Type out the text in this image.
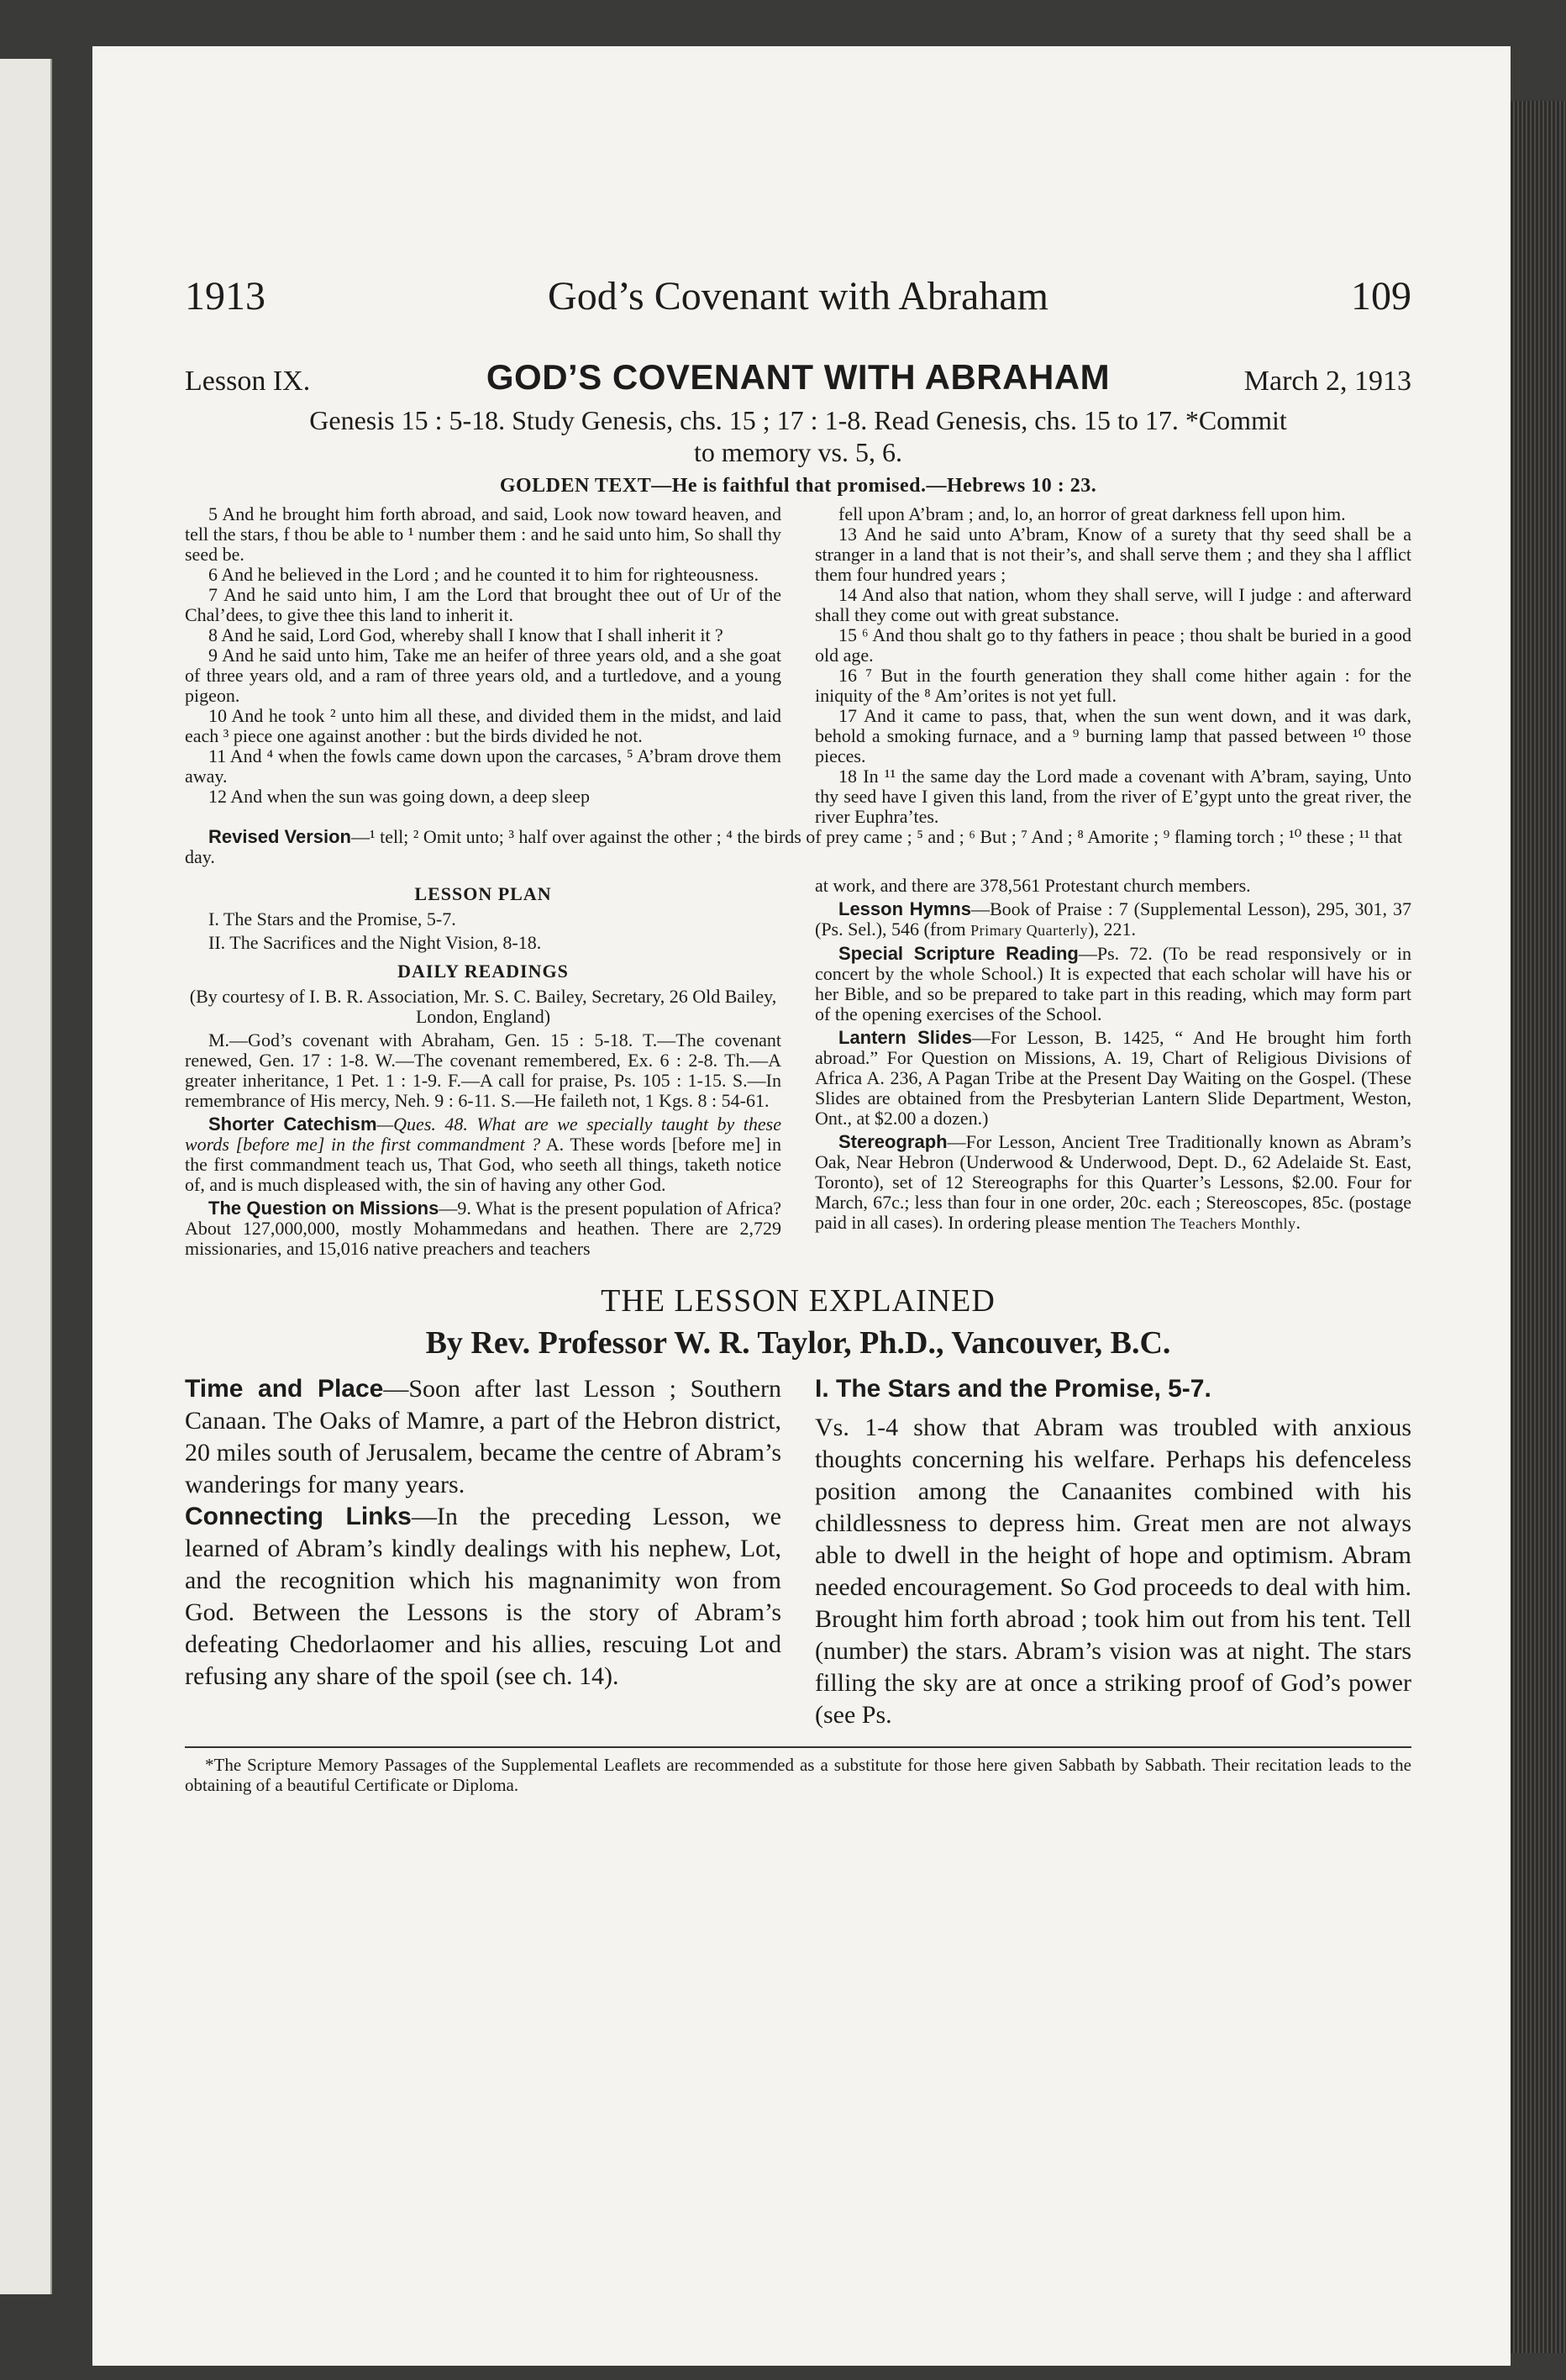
1913	God’s Covenant with Abraham	109
Lesson IX.	GOD’S COVENANT WITH ABRAHAM	March 2, 1913
Genesis 15 : 5-18. Study Genesis, chs. 15 ; 17 : 1-8. Read Genesis, chs. 15 to 17. *Commit
to memory vs. 5, 6.
GOLDEN TEXT—He is faithful that promised.—Hebrews 10 : 23.

5 And he brought him forth abroad, and said, Look now toward heaven, and tell the stars, f thou be able to ¹ number them : and he said unto him, So shall thy seed be.

6 And he believed in the Lord ; and he counted it to him for righteousness.

7 And he said unto him, I am the Lord that brought thee out of Ur of the Chal’dees, to give thee this land to inherit it.

8 And he said, Lord God, whereby shall I know that I shall inherit it ?

9 And he said unto him, Take me an heifer of three years old, and a she goat of three years old, and a ram of three years old, and a turtledove, and a young pigeon.

10 And he took ² unto him all these, and divided them in the midst, and laid each ³ piece one against another : but the birds divided he not.

11 And ⁴ when the fowls came down upon the carcases, ⁵ A’bram drove them away.

12 And when the sun was going down, a deep sleep

fell upon A’bram ; and, lo, an horror of great darkness fell upon him.

13 And he said unto A’bram, Know of a surety that thy seed shall be a stranger in a land that is not their’s, and shall serve them ; and they sha l afflict them four hundred years ;

14 And also that nation, whom they shall serve, will I judge : and afterward shall they come out with great substance.

15 ⁶ And thou shalt go to thy fathers in peace ; thou shalt be buried in a good old age.

16 ⁷ But in the fourth generation they shall come hither again : for the iniquity of the ⁸ Am’orites is not yet full.

17 And it came to pass, that, when the sun went down, and it was dark, behold a smoking furnace, and a ⁹ burning lamp that passed between ¹⁰ those pieces.

18 In ¹¹ the same day the Lord made a covenant with A’bram, saying, Unto thy seed have I given this land, from the river of E’gypt unto the great river, the river Euphra’tes.

Revised Version—¹ tell; ² Omit unto; ³ half over against the other ; ⁴ the birds of prey came ; ⁵ and ; ⁶ But ; ⁷ And ; ⁸ Amorite ; ⁹ flaming torch ; ¹⁰ these ; ¹¹ that day.

LESSON PLAN

I. The Stars and the Promise, 5-7.

II. The Sacrifices and the Night Vision, 8-18.

DAILY READINGS

(By courtesy of I. B. R. Association, Mr. S. C. Bailey, Secretary, 26 Old Bailey, London, England)

M.—God’s covenant with Abraham, Gen. 15 : 5-18. T.—The covenant renewed, Gen. 17 : 1-8. W.—The covenant remembered, Ex. 6 : 2-8. Th.—A greater inheritance, 1 Pet. 1 : 1-9. F.—A call for praise, Ps. 105 : 1-15. S.—In remembrance of His mercy, Neh. 9 : 6-11. S.—He faileth not, 1 Kgs. 8 : 54-61.

Shorter Catechism—Ques. 48. What are we specially taught by these words [before me] in the first commandment ? A. These words [before me] in the first commandment teach us, That God, who seeth all things, taketh notice of, and is much displeased with, the sin of having any other God.

The Question on Missions—9. What is the present population of Africa? About 127,000,000, mostly Mohammedans and heathen. There are 2,729 missionaries, and 15,016 native preachers and teachers

at work, and there are 378,561 Protestant church members.

Lesson Hymns—Book of Praise : 7 (Supplemental Lesson), 295, 301, 37 (Ps. Sel.), 546 (from Primary Quarterly), 221.

Special Scripture Reading—Ps. 72. (To be read responsively or in concert by the whole School.) It is expected that each scholar will have his or her Bible, and so be prepared to take part in this reading, which may form part of the opening exercises of the School.

Lantern Slides—For Lesson, B. 1425, “ And He brought him forth abroad.” For Question on Missions, A. 19, Chart of Religious Divisions of Africa A. 236, A Pagan Tribe at the Present Day Waiting on the Gospel. (These Slides are obtained from the Presbyterian Lantern Slide Department, Weston, Ont., at $2.00 a dozen.)

Stereograph—For Lesson, Ancient Tree Traditionally known as Abram’s Oak, Near Hebron (Underwood & Underwood, Dept. D., 62 Adelaide St. East, Toronto), set of 12 Stereographs for this Quarter’s Lessons, $2.00. Four for March, 67c.; less than four in one order, 20c. each ; Stereoscopes, 85c. (postage paid in all cases). In ordering please mention The Teachers Monthly.

THE LESSON EXPLAINED
By Rev. Professor W. R. Taylor, Ph.D., Vancouver, B.C.

Time and Place—Soon after last Lesson ; Southern Canaan. The Oaks of Mamre, a part of the Hebron district, 20 miles south of Jerusalem, became the centre of Abram’s wanderings for many years.

Connecting Links—In the preceding Lesson, we learned of Abram’s kindly dealings with his nephew, Lot, and the recognition which his magnanimity won from God. Between the Lessons is the story of Abram’s defeating Chedorlaomer and his allies, rescuing Lot and refusing any share of the spoil (see ch. 14).

I. The Stars and the Promise, 5-7.

Vs. 1-4 show that Abram was troubled with anxious thoughts concerning his welfare. Perhaps his defenceless position among the Canaanites combined with his childlessness to depress him. Great men are not always able to dwell in the height of hope and optimism. Abram needed encouragement. So God proceeds to deal with him. Brought him forth abroad ; took him out from his tent. Tell (number) the stars. Abram’s vision was at night. The stars filling the sky are at once a striking proof of God’s power (see Ps.

*The Scripture Memory Passages of the Supplemental Leaflets are recommended as a substitute for those here given Sabbath by Sabbath. Their recitation leads to the obtaining of a beautiful Certificate or Diploma.
